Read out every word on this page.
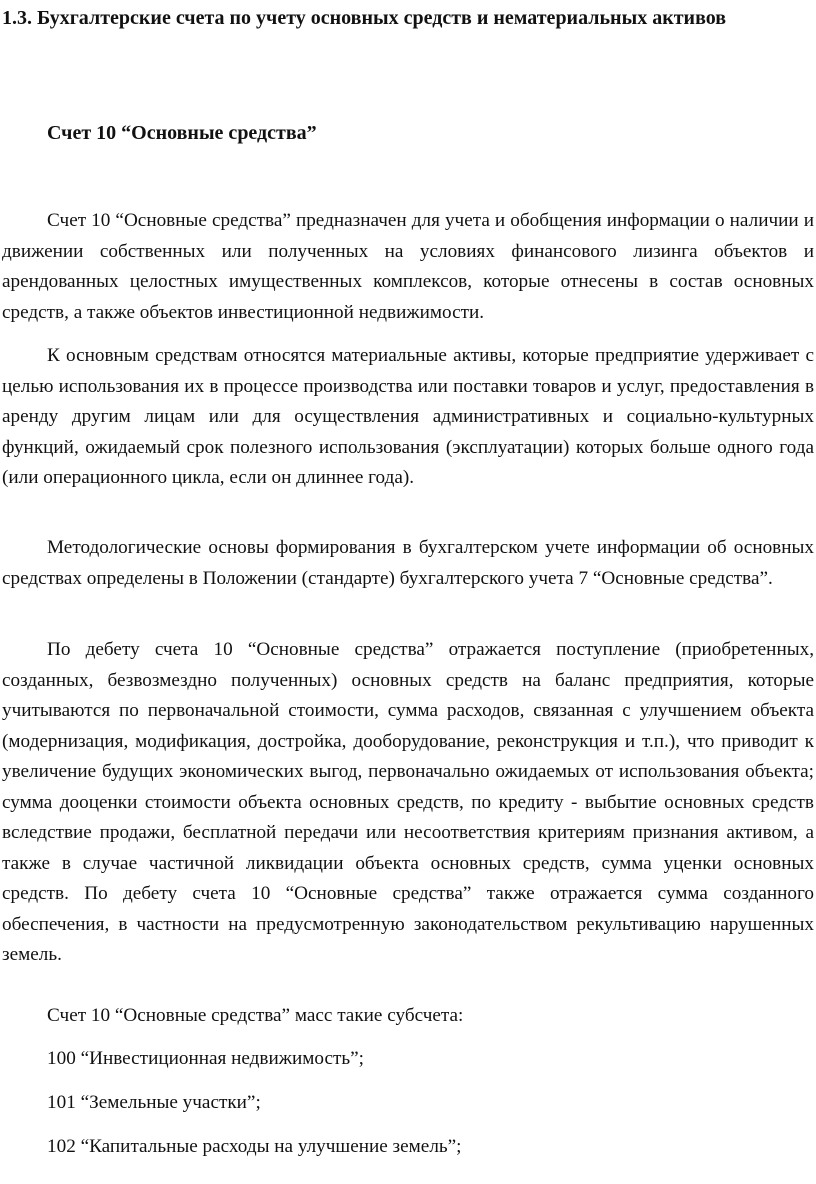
1.3. Бухгалтерские счета по учету основных средств и нематериальных активов
Счет 10 “Основные средства”

Счет 10 “Основные средства” предназначен для учета и обобщения информации о наличии и движении собственных или полученных на условиях финансового лизинга объектов и арендованных целостных имущественных комплексов, которые отнесены в состав основных средств, а также объектов инвестиционной недвижимости.

К основным средствам относятся материальные активы, которые предприятие удерживает с целью использования их в процессе производства или поставки товаров и услуг, предоставления в аренду другим лицам или для осуществления административных и социально-культурных функций, ожидаемый срок полезного использования (эксплуатации) которых больше одного года (или операционного цикла, если он длиннее года).

Методологические основы формирования в бухгалтерском учете информации об основных средствах определены в Положении (стандарте) бухгалтерского учета 7 “Основные средства”.

По дебету счета 10 “Основные средства” отражается поступление (приобретенных, созданных, безвозмездно полученных) основных средств на баланс предприятия, которые учитываются по первоначальной стоимости, сумма расходов, связанная с улучшением объекта (модернизация, модификация, достройка, дооборудование, реконструкция и т.п.), что приводит к увеличение будущих экономических выгод, первоначально ожидаемых от использования объекта; сумма дооценки стоимости объекта основных средств, по кредиту - выбытие основных средств вследствие продажи, бесплатной передачи или несоответствия критериям признания активом, а также в случае частичной ликвидации объекта основных средств, сумма уценки основных средств. По дебету счета 10 “Основные средства” также отражается сумма созданного обеспечения, в частности на предусмотренную законодательством рекультивацию нарушенных земель.

Счет 10 “Основные средства” масс такие субсчета:

100 “Инвестиционная недвижимость”;

101 “Земельные участки”;

102 “Капитальные расходы на улучшение земель”;
